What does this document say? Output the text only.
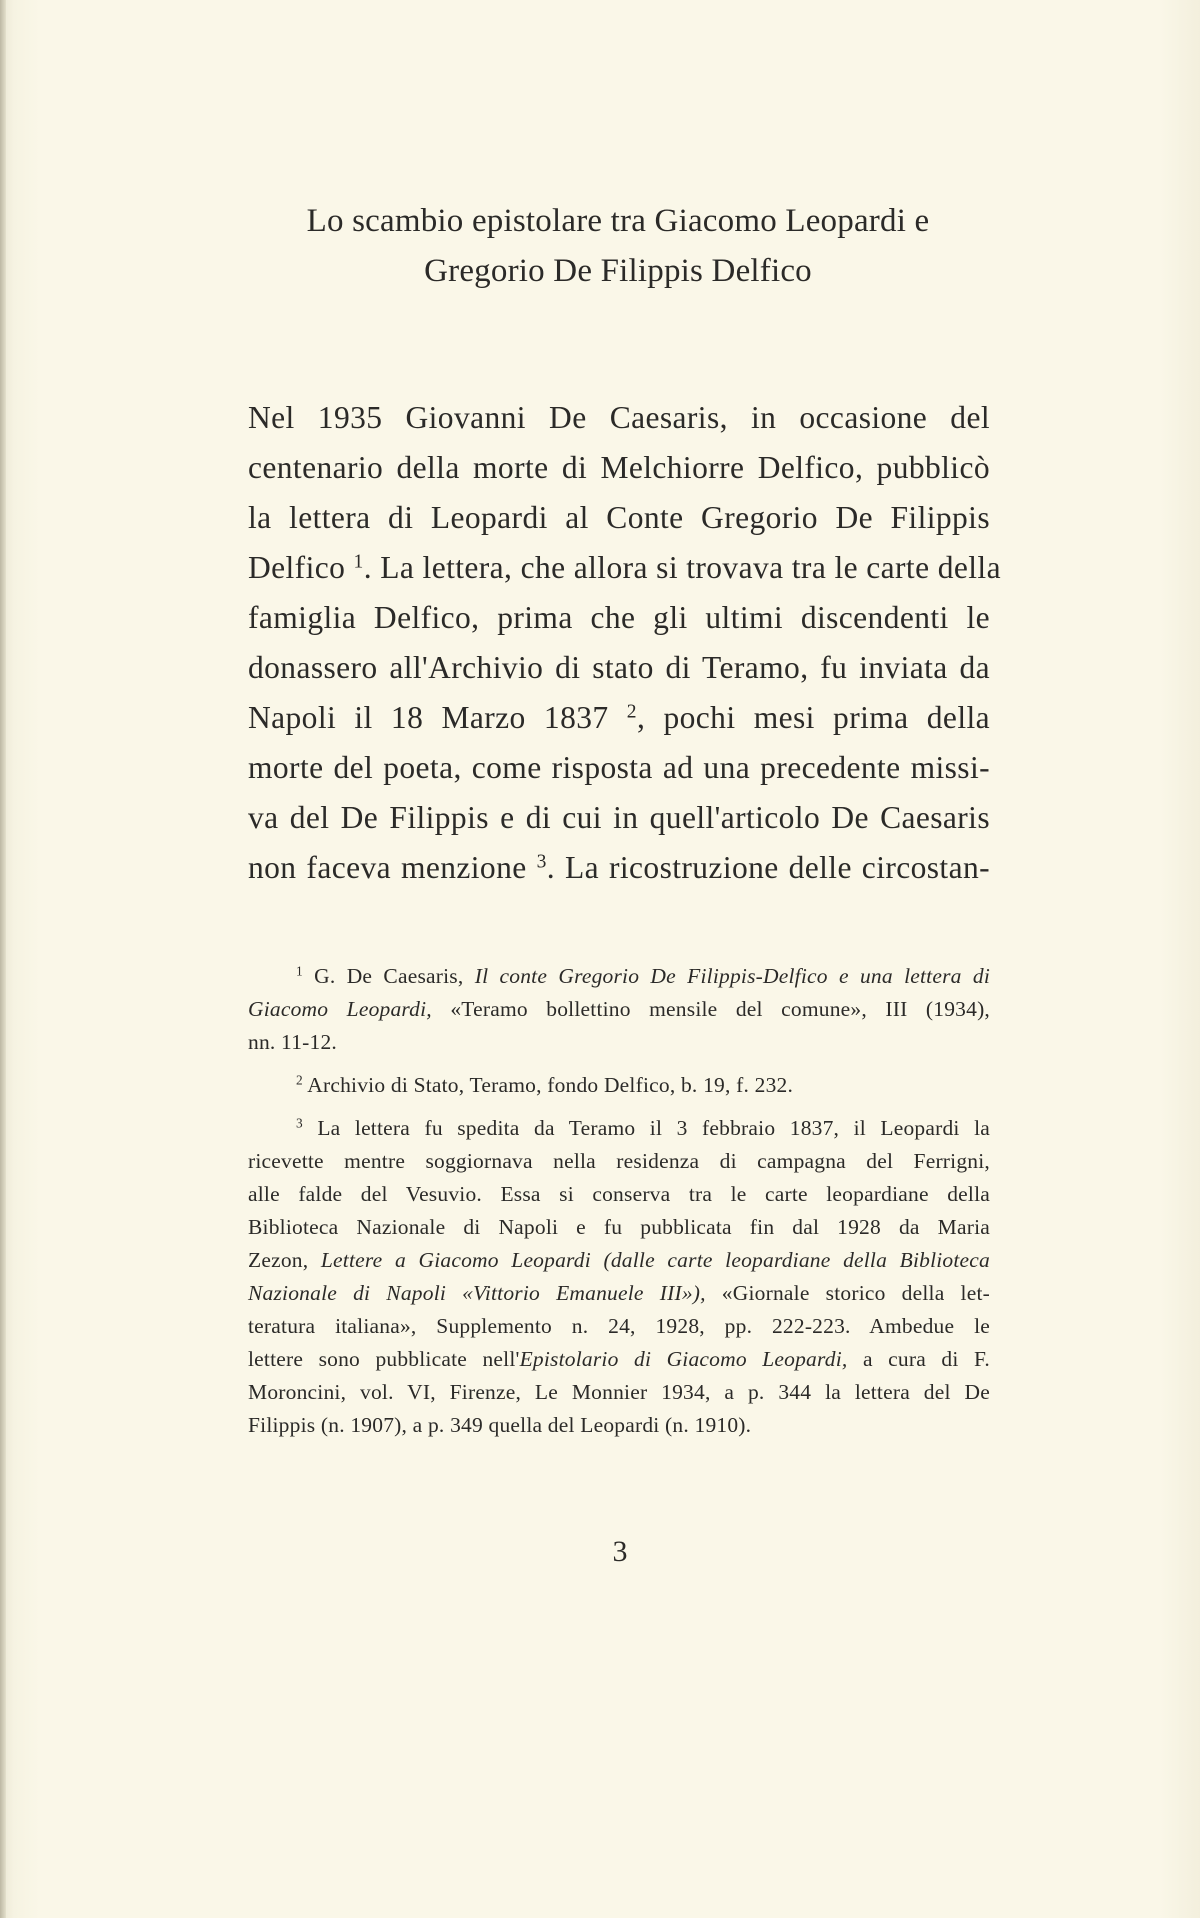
Lo scambio epistolare tra Giacomo Leopardi e
Gregorio De Filippis Delfico
Nel 1935 Giovanni De Caesaris, in occasione del
centenario della morte di Melchiorre Delfico, pubblicò
la lettera di Leopardi al Conte Gregorio De Filippis
Delfico $^1$. La lettera, che allora si trovava tra le carte della
famiglia Delfico, prima che gli ultimi discendenti le
donassero all'Archivio di stato di Teramo, fu inviata da
Napoli il 18 Marzo 1837 $^2$, pochi mesi prima della
morte del poeta, come risposta ad una precedente missi-
va del De Filippis e di cui in quell'articolo De Caesaris
non faceva menzione $^3$. La ricostruzione delle circostan-
$^1$ G. De Caesaris, Il conte Gregorio De Filippis-Delfico e una lettera di
Giacomo Leopardi, «Teramo bollettino mensile del comune», III (1934),
nn. 11-12.
$^2$ Archivio di Stato, Teramo, fondo Delfico, b. 19, f. 232.
$^3$ La lettera fu spedita da Teramo il 3 febbraio 1837, il Leopardi la
ricevette mentre soggiornava nella residenza di campagna del Ferrigni,
alle falde del Vesuvio. Essa si conserva tra le carte leopardiane della
Biblioteca Nazionale di Napoli e fu pubblicata fin dal 1928 da Maria
Zezon, Lettere a Giacomo Leopardi (dalle carte leopardiane della Biblioteca
Nazionale di Napoli «Vittorio Emanuele III»), «Giornale storico della let-
teratura italiana», Supplemento n. 24, 1928, pp. 222-223. Ambedue le
lettere sono pubblicate nell'Epistolario di Giacomo Leopardi, a cura di F.
Moroncini, vol. VI, Firenze, Le Monnier 1934, a p. 344 la lettera del De
Filippis (n. 1907), a p. 349 quella del Leopardi (n. 1910).
3
